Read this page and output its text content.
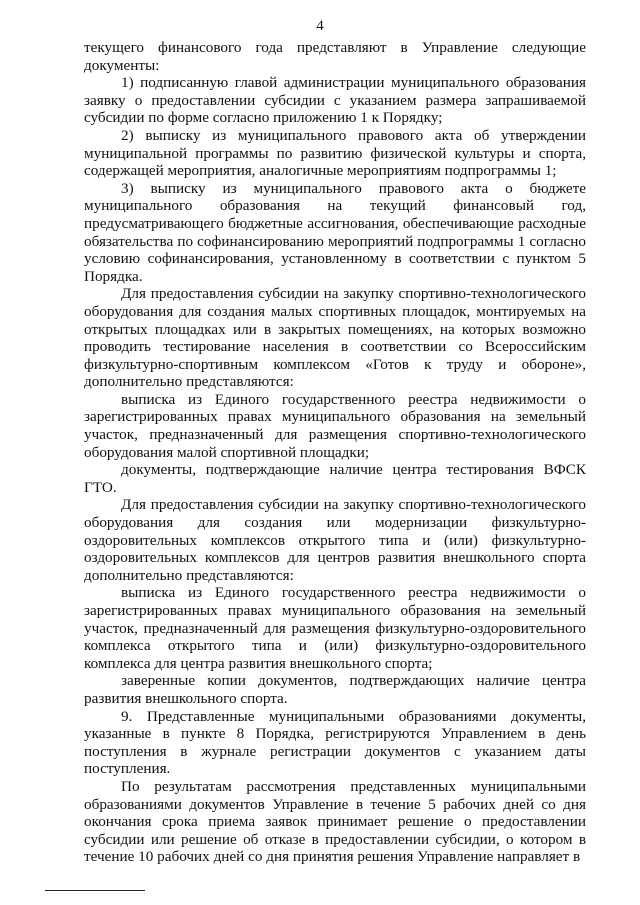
4

текущего финансового года представляют в Управление следующие документы:

1) подписанную главой администрации муниципального образования заявку о предоставлении субсидии с указанием размера запрашиваемой субсидии по форме согласно приложению 1 к Порядку;

2) выписку из муниципального правового акта об утверждении муниципальной программы по развитию физической культуры и спорта, содержащей мероприятия, аналогичные мероприятиям подпрограммы 1;

3) выписку из муниципального правового акта о бюджете муниципального образования на текущий финансовый год, предусматривающего бюджетные ассигнования, обеспечивающие расходные обязательства по софинансированию мероприятий подпрограммы 1 согласно условию софинансирования, установленному в соответствии с пунктом 5 Порядка.

Для предоставления субсидии на закупку спортивно-технологического оборудования для создания малых спортивных площадок, монтируемых на открытых площадках или в закрытых помещениях, на которых возможно проводить тестирование населения в соответствии со Всероссийским физкультурно-спортивным комплексом «Готов к труду и обороне», дополнительно представляются:

выписка из Единого государственного реестра недвижимости о зарегистрированных правах муниципального образования на земельный участок, предназначенный для размещения спортивно-технологического оборудования малой спортивной площадки;

документы, подтверждающие наличие центра тестирования ВФСК ГТО.

Для предоставления субсидии на закупку спортивно-технологического оборудования для создания или модернизации физкультурно-оздоровительных комплексов открытого типа и (или) физкультурно-оздоровительных комплексов для центров развития внешкольного спорта дополнительно представляются:

выписка из Единого государственного реестра недвижимости о зарегистрированных правах муниципального образования на земельный участок, предназначенный для размещения физкультурно-оздоровительного комплекса открытого типа и (или) физкультурно-оздоровительного комплекса для центра развития внешкольного спорта;

заверенные копии документов, подтверждающих наличие центра развития внешкольного спорта.

9. Представленные муниципальными образованиями документы, указанные в пункте 8 Порядка, регистрируются Управлением в день поступления в журнале регистрации документов с указанием даты поступления.

По результатам рассмотрения представленных муниципальными образованиями документов Управление в течение 5 рабочих дней со дня окончания срока приема заявок принимает решение о предоставлении субсидии или решение об отказе в предоставлении субсидии, о котором в течение 10 рабочих дней со дня принятия решения Управление направляет в
